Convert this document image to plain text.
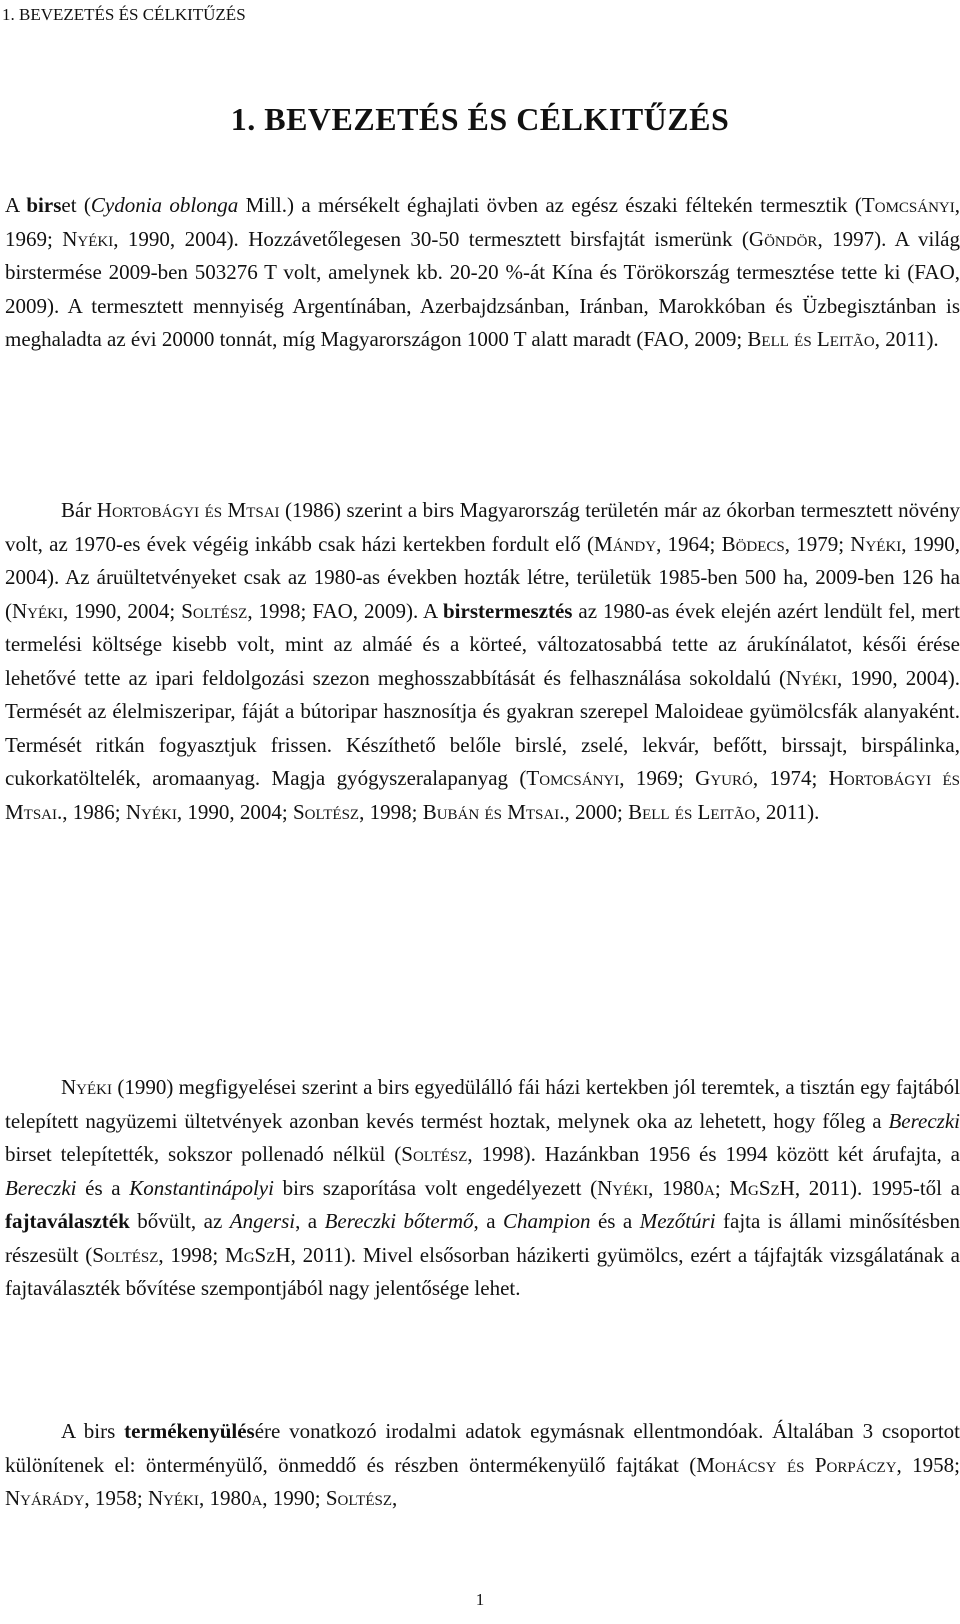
1. BEVEZETÉS ÉS CÉLKITŰZÉS
1. BEVEZETÉS ÉS CÉLKITŰZÉS

A birset (Cydonia oblonga Mill.) a mérsékelt éghajlati övben az egész északi féltekén termesztik (Tomcsányi, 1969; Nyéki, 1990, 2004). Hozzávetőlegesen 30-50 termesztett birsfajtát ismerünk (Göndör, 1997). A világ birstermése 2009-ben 503276 T volt, amelynek kb. 20-20 %-át Kína és Törökország termesztése tette ki (FAO, 2009). A termesztett mennyiség Argentínában, Azerbajdzsánban, Iránban, Marokkóban és Üzbegisztánban is meghaladta az évi 20000 tonnát, míg Magyarországon 1000 T alatt maradt (FAO, 2009; Bell és Leitão, 2011).

Bár Hortobágyi és Mtsai (1986) szerint a birs Magyarország területén már az ókorban termesztett növény volt, az 1970-es évek végéig inkább csak házi kertekben fordult elő (Mándy, 1964; Bödecs, 1979; Nyéki, 1990, 2004). Az áruültetvényeket csak az 1980-as években hozták létre, területük 1985-ben 500 ha, 2009-ben 126 ha (Nyéki, 1990, 2004; Soltész, 1998; FAO, 2009). A birstermesztés az 1980-as évek elején azért lendült fel, mert termelési költsége kisebb volt, mint az almáé és a körteé, változatosabbá tette az árukínálatot, késői érése lehetővé tette az ipari feldolgozási szezon meghosszabbítását és felhasználása sokoldalú (Nyéki, 1990, 2004). Termését az élelmiszeripar, fáját a bútoripar hasznosítja és gyakran szerepel Maloideae gyümölcsfák alanyaként. Termését ritkán fogyasztjuk frissen. Készíthető belőle birslé, zselé, lekvár, befőtt, birssajt, birspálinka, cukorkatöltelék, aromaanyag. Magja gyógyszeralapanyag (Tomcsányi, 1969; Gyuró, 1974; Hortobágyi és Mtsai., 1986; Nyéki, 1990, 2004; Soltész, 1998; Bubán és Mtsai., 2000; Bell és Leitão, 2011).

Nyéki (1990) megfigyelései szerint a birs egyedülálló fái házi kertekben jól teremtek, a tisztán egy fajtából telepített nagyüzemi ültetvények azonban kevés termést hoztak, melynek oka az lehetett, hogy főleg a Bereczki birset telepítették, sokszor pollenadó nélkül (Soltész, 1998). Hazánkban 1956 és 1994 között két árufajta, a Bereczki és a Konstantinápolyi birs szaporítása volt engedélyezett (Nyéki, 1980a; MgSzH, 2011). 1995-től a fajtaválaszték bővült, az Angersi, a Bereczki bőtermő, a Champion és a Mezőtúri fajta is állami minősítésben részesült (Soltész, 1998; MgSzH, 2011). Mivel elsősorban házikerti gyümölcs, ezért a tájfajták vizsgálatának a fajtaválaszték bővítése szempontjából nagy jelentősége lehet.

A birs termékenyülésére vonatkozó irodalmi adatok egymásnak ellentmondóak. Általában 3 csoportot különítenek el: önterményülő, önmeddő és részben öntermékenyülő fajtákat (Mohácsy és Porpáczy, 1958; Nyárády, 1958; Nyéki, 1980a, 1990; Soltész,

1
